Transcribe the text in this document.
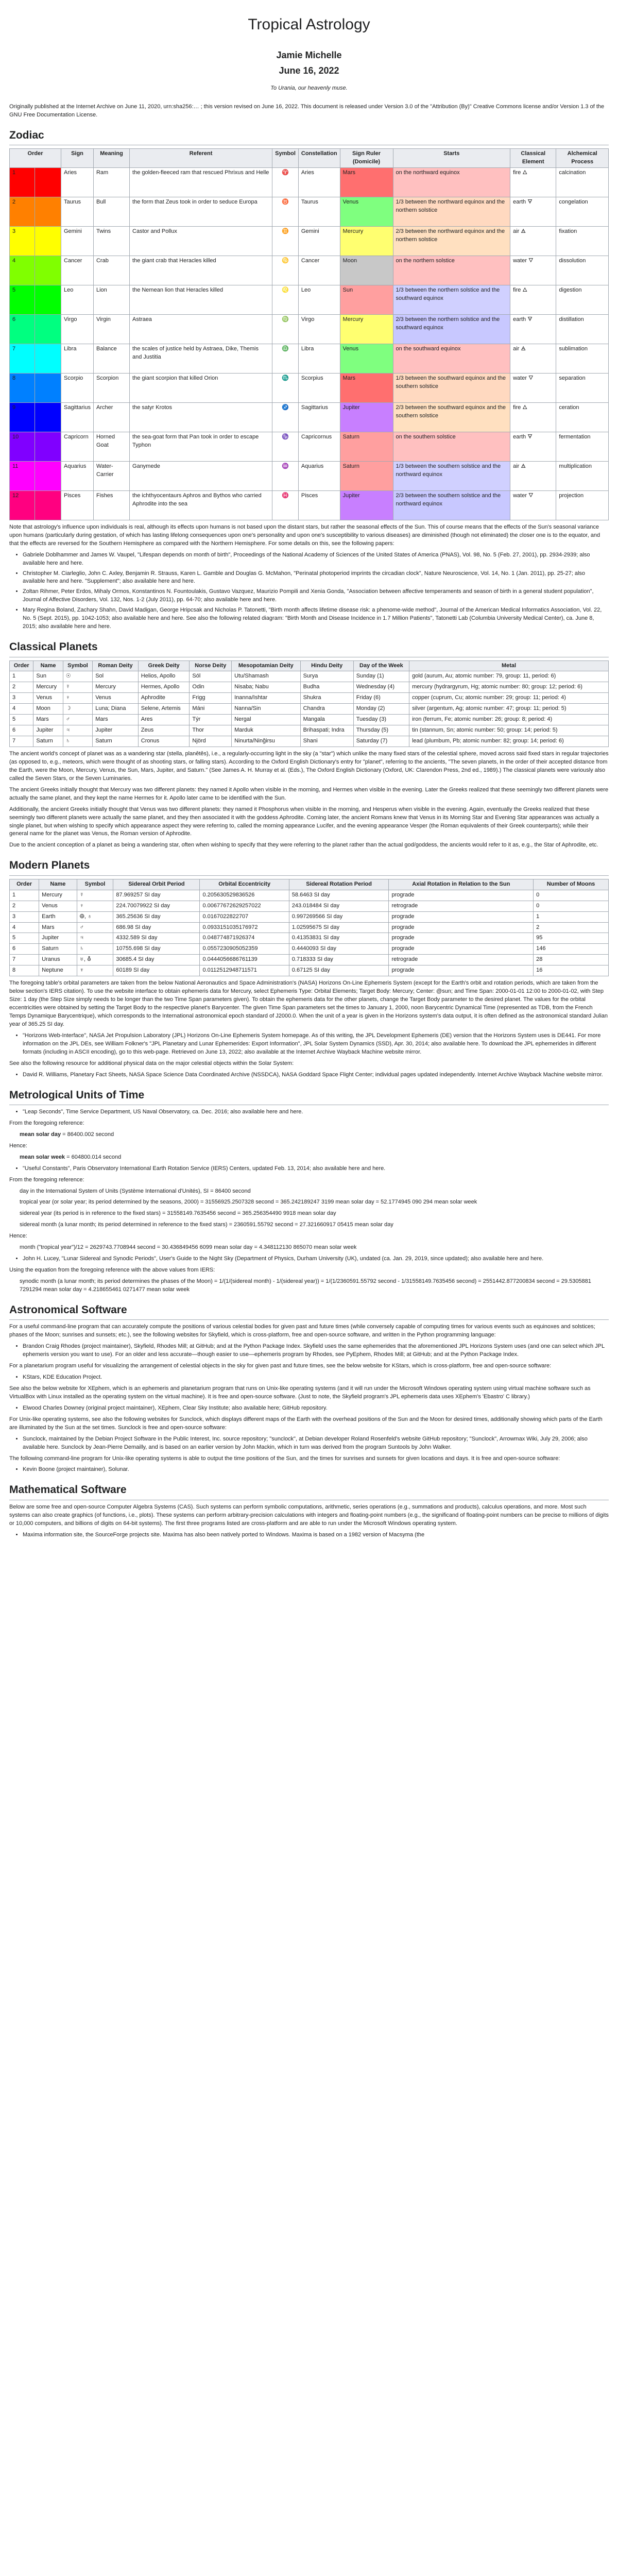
Tropical Astrology
Jamie Michelle
June 16, 2022
To Urania, our heavenly muse.

Originally published at the Internet Archive on June 11, 2020, urn:sha256:… ; this version revised on June 16, 2022. This document is released under Version 3.0 of the "Attribution (By)" Creative Commons license and/or Version 1.3 of the GNU Free Documentation License.

Zodiac
Order		Sign	Meaning	Referent	Symbol	Constellation	Sign Ruler (Domicile)	Starts	Classical Element	Alchemical Process
1		Aries	Ram	the golden-fleeced ram that rescued Phrixus and Helle	♈	Aries	Mars	on the northward equinox	fire 🜂	calcination
2		Taurus	Bull	the form that Zeus took in order to seduce Europa	♉	Taurus	Venus	1/3 between the northward equinox and the northern solstice	earth 🜃	congelation
3		Gemini	Twins	Castor and Pollux	♊	Gemini	Mercury	2/3 between the northward equinox and the northern solstice	air 🜁	fixation
4		Cancer	Crab	the giant crab that Heracles killed	♋	Cancer	Moon	on the northern solstice	water 🜄	dissolution
5		Leo	Lion	the Nemean lion that Heracles killed	♌	Leo	Sun	1/3 between the northern solstice and the southward equinox	fire 🜂	digestion
6		Virgo	Virgin	Astraea	♍	Virgo	Mercury	2/3 between the northern solstice and the southward equinox	earth 🜃	distillation
7		Libra	Balance	the scales of justice held by Astraea, Dike, Themis and Justitia	♎	Libra	Venus	on the southward equinox	air 🜁	sublimation
8		Scorpio	Scorpion	the giant scorpion that killed Orion	♏	Scorpius	Mars	1/3 between the southward equinox and the southern solstice	water 🜄	separation
9		Sagittarius	Archer	the satyr Krotos	♐	Sagittarius	Jupiter	2/3 between the southward equinox and the southern solstice	fire 🜂	ceration
10		Capricorn	Horned Goat	the sea-goat form that Pan took in order to escape Typhon	♑	Capricornus	Saturn	on the southern solstice	earth 🜃	fermentation
11		Aquarius	Water-Carrier	Ganymede	♒	Aquarius	Saturn	1/3 between the southern solstice and the northward equinox	air 🜁	multiplication
12		Pisces	Fishes	the ichthyocentaurs Aphros and Bythos who carried Aphrodite into the sea	♓	Pisces	Jupiter	2/3 between the southern solstice and the northward equinox	water 🜄	projection

Note that astrology's influence upon individuals is real, although its effects upon humans is not based upon the distant stars, but rather the seasonal effects of the Sun. This of course means that the effects of the Sun's seasonal variance upon humans (particularly during gestation, of which has lasting lifelong consequences upon one's personality and upon one's susceptibility to various diseases) are diminished (though not eliminated) the closer one is to the equator, and that the effects are reversed for the Southern Hemisphere as compared with the Northern Hemisphere. For some details on this, see the following papers:

• Gabriele Doblhammer and James W. Vaupel, "Lifespan depends on month of birth", Proceedings of the National Academy of Sciences of the United States of America (PNAS), Vol. 98, No. 5 (Feb. 27, 2001), pp. 2934-2939; also available here and here.
• Christopher M. Ciarleglio, John C. Axley, Benjamin R. Strauss, Karen L. Gamble and Douglas G. McMahon, "Perinatal photoperiod imprints the circadian clock", Nature Neuroscience, Vol. 14, No. 1 (Jan. 2011), pp. 25-27; also available here and here. "Supplement"; also available here and here.
• Zoltan Rihmer, Peter Erdos, Mihaly Ormos, Konstantinos N. Fountoulakis, Gustavo Vazquez, Maurizio Pompili and Xenia Gonda, "Association between affective temperaments and season of birth in a general student population", Journal of Affective Disorders, Vol. 132, Nos. 1-2 (July 2011), pp. 64-70; also available here and here.
• Mary Regina Boland, Zachary Shahn, David Madigan, George Hripcsak and Nicholas P. Tatonetti, "Birth month affects lifetime disease risk: a phenome-wide method", Journal of the American Medical Informatics Association, Vol. 22, No. 5 (Sept. 2015), pp. 1042-1053; also available here and here. See also the following related diagram: "Birth Month and Disease Incidence in 1.7 Million Patients", Tatonetti Lab (Columbia University Medical Center), ca. June 8, 2015; also available here and here.
Classical Planets
Order	Name	Symbol	Roman Deity	Greek Deity	Norse Deity	Mesopotamian Deity	Hindu Deity	Day of the Week	Metal
1	Sun	☉	Sol	Helios, Apollo	Sól	Utu/Shamash	Surya	Sunday (1)	gold (aurum, Au; atomic number: 79, group: 11, period: 6)
2	Mercury	☿	Mercury	Hermes, Apollo	Odin	Nisaba; Nabu	Budha	Wednesday (4)	mercury (hydrargyrum, Hg; atomic number: 80; group: 12; period: 6)
3	Venus	♀	Venus	Aphrodite	Frigg	Inanna/Ishtar	Shukra	Friday (6)	copper (cuprum, Cu; atomic number: 29; group: 11; period: 4)
4	Moon	☽	Luna; Diana	Selene, Artemis	Máni	Nanna/Sin	Chandra	Monday (2)	silver (argentum, Ag; atomic number: 47; group: 11; period: 5)
5	Mars	♂	Mars	Ares	Týr	Nergal	Mangala	Tuesday (3)	iron (ferrum, Fe; atomic number: 26; group: 8; period: 4)
6	Jupiter	♃	Jupiter	Zeus	Thor	Marduk	Brihaspati; Indra	Thursday (5)	tin (stannum, Sn; atomic number: 50; group: 14; period: 5)
7	Saturn	♄	Saturn	Cronus	Njörd	Ninurta/Ninğirsu	Shani	Saturday (7)	lead (plumbum, Pb; atomic number: 82; group: 14; period: 6)

The ancient world's concept of planet was as a wandering star (stella, planêtês), i.e., a regularly-occurring light in the sky (a "star") which unlike the many fixed stars of the celestial sphere, moved across said fixed stars in regular trajectories (as opposed to, e.g., meteors, which were thought of as shooting stars, or falling stars). According to the Oxford English Dictionary's entry for "planet", referring to the ancients, "The seven planets, in the order of their accepted distance from the Earth, were the Moon, Mercury, Venus, the Sun, Mars, Jupiter, and Saturn." (See James A. H. Murray et al. (Eds.), The Oxford English Dictionary (Oxford, UK: Clarendon Press, 2nd ed., 1989).) The classical planets were variously also called the Seven Stars, or the Seven Luminaries.

The ancient Greeks initially thought that Mercury was two different planets: they named it Apollo when visible in the morning, and Hermes when visible in the evening. Later the Greeks realized that these seemingly two different planets were actually the same planet, and they kept the name Hermes for it. Apollo later came to be identified with the Sun.

Additionally, the ancient Greeks initially thought that Venus was two different planets: they named it Phosphorus when visible in the morning, and Hesperus when visible in the evening. Again, eventually the Greeks realized that these seemingly two different planets were actually the same planet, and they then associated it with the goddess Aphrodite. Coming later, the ancient Romans knew that Venus in its Morning Star and Evening Star appearances was actually a single planet, but when wishing to specify which appearance aspect they were referring to, called the morning appearance Lucifer, and the evening appearance Vesper (the Roman equivalents of their Greek counterparts); while their general name for the planet was Venus, the Roman version of Aphrodite.

Due to the ancient conception of a planet as being a wandering star, often when wishing to specify that they were referring to the planet rather than the actual god/goddess, the ancients would refer to it as, e.g., the Star of Aphrodite, etc.

Modern Planets
Order	Name	Symbol	Sidereal Orbit Period	Orbital Eccentricity	Sidereal Rotation Period	Axial Rotation in Relation to the Sun	Number of Moons
1	Mercury	☿	87.969257 SI day	0.205630529836526	58.6463 SI day	prograde	0
2	Venus	♀	224.70079922 SI day	0.00677672629257022	243.018484 SI day	retrograde	0
3	Earth	🜨, ♁	365.25636 SI day	0.0167022822707	0.997269566 SI day	prograde	1
4	Mars	♂	686.98 SI day	0.0933151035176972	1.02595675 SI day	prograde	2
5	Jupiter	♃	4332.589 SI day	0.048774871926374	0.41353831 SI day	prograde	95
6	Saturn	♄	10755.698 SI day	0.0557230905052359	0.4440093 SI day	prograde	146
7	Uranus	♅, ⛢	30685.4 SI day	0.0444056686761139	0.718333 SI day	retrograde	28
8	Neptune	♆	60189 SI day	0.0112512948711571	0.67125 SI day	prograde	16

The foregoing table's orbital parameters are taken from the below National Aeronautics and Space Administration's (NASA) Horizons On-Line Ephemeris System (except for the Earth's orbit and rotation periods, which are taken from the below section's IERS citation). To use the website interface to obtain ephemeris data for Mercury, select Ephemeris Type: Orbital Elements; Target Body: Mercury; Center: @sun; and Time Span: 2000-01-01 12:00 to 2000-01-02, with Step Size: 1 day (the Step Size simply needs to be longer than the two Time Span parameters given). To obtain the ephemeris data for the other planets, change the Target Body parameter to the desired planet. The values for the orbital eccentricities were obtained by setting the Target Body to the respective planet's Barycenter. The given Time Span parameters set the times to January 1, 2000, noon Barycentric Dynamical Time (represented as TDB, from the French Temps Dynamique Barycentrique), which corresponds to the International astronomical epoch standard of J2000.0. When the unit of a year is given in the Horizons system's data output, it is often defined as the astronomical standard Julian year of 365.25 SI day.

• "Horizons Web-Interface", NASA Jet Propulsion Laboratory (JPL) Horizons On-Line Ephemeris System homepage. As of this writing, the JPL Development Ephemeris (DE) version that the Horizons System uses is DE441. For more information on the JPL DEs, see William Folkner's "JPL Planetary and Lunar Ephemerides: Export Information", JPL Solar System Dynamics (SSD), Apr. 30, 2014; also available here. To download the JPL ephemerides in different formats (including in ASCII encoding), go to this web-page. Retrieved on June 13, 2022; also available at the Internet Archive Wayback Machine website mirror.

See also the following resource for additional physical data on the major celestial objects within the Solar System:

• David R. Williams, Planetary Fact Sheets, NASA Space Science Data Coordinated Archive (NSSDCA), NASA Goddard Space Flight Center; individual pages updated independently. Internet Archive Wayback Machine website mirror.
Metrological Units of Time
• "Leap Seconds", Time Service Department, US Naval Observatory, ca. Dec. 2016; also available here and here.

From the foregoing reference:

mean solar day = 86400.002 second

Hence:

mean solar week = 604800.014 second

• "Useful Constants", Paris Observatory International Earth Rotation Service (IERS) Centers, updated Feb. 13, 2014; also available here and here.

From the foregoing reference:

day in the International System of Units (Système International d'Unités), SI = 86400 second

tropical year (or solar year; its period determined by the seasons, 2000) = 31556925.2507328 second = 365.242189247 3199 mean solar day = 52.1774945 090 294 mean solar week

sidereal year (its period is in reference to the fixed stars) = 31558149.7635456 second = 365.256354490 9918 mean solar day

sidereal month (a lunar month; its period determined in reference to the fixed stars) = 2360591.55792 second = 27.321660917 05415 mean solar day

Hence:

month ("tropical year")/12 = 2629743.7708944 second = 30.436849456 6099 mean solar day = 4.348112130 865070 mean solar week

• John H. Lucey, "Lunar Sidereal and Synodic Periods", User's Guide to the Night Sky (Department of Physics, Durham University (UK), undated (ca. Jan. 29, 2019, since updated); also available here and here.

Using the equation from the foregoing reference with the above values from IERS:

synodic month (a lunar month; its period determines the phases of the Moon) = 1/(1/(sidereal month) - 1/(sidereal year)) = 1/(1/2360591.55792 second - 1/31558149.7635456 second) = 2551442.877200834 second = 29.5305881 7291294 mean solar day = 4.218655461 0271477 mean solar week

Astronomical Software

For a useful command-line program that can accurately compute the positions of various celestial bodies for given past and future times (while conversely capable of computing times for various events such as equinoxes and solstices; phases of the Moon; sunrises and sunsets; etc.), see the following websites for Skyfield, which is cross-platform, free and open-source software, and written in the Python programming language:

• Brandon Craig Rhodes (project maintainer), Skyfield, Rhodes Mill; at GitHub; and at the Python Package Index. Skyfield uses the same ephemerides that the aforementioned JPL Horizons System uses (and one can select which JPL ephemeris version you want to use). For an older and less accurate—though easier to use—ephemeris program by Rhodes, see PyEphem, Rhodes Mill; at GitHub; and at the Python Package Index.

For a planetarium program useful for visualizing the arrangement of celestial objects in the sky for given past and future times, see the below website for KStars, which is cross-platform, free and open-source software:

• KStars, KDE Education Project.

See also the below website for XEphem, which is an ephemeris and planetarium program that runs on Unix-like operating systems (and it will run under the Microsoft Windows operating system using virtual machine software such as VirtualBox with Linux installed as the operating system on the virtual machine). It is free and open-source software. (Just to note, the Skyfield program's JPL ephemeris data uses XEphem's 'Ebastro' C library.)

• Elwood Charles Downey (original project maintainer), XEphem, Clear Sky Institute; also available here; GitHub repository.

For Unix-like operating systems, see also the following websites for Sunclock, which displays different maps of the Earth with the overhead positions of the Sun and the Moon for desired times, additionally showing which parts of the Earth are illuminated by the Sun at the set times. Sunclock is free and open-source software:

• Sunclock, maintained by the Debian Project Software in the Public Interest, Inc. source repository; "sunclock", at Debian developer Roland Rosenfeld's website GitHub repository; "Sunclock", Arrowmax Wiki, July 29, 2006; also available here. Sunclock by Jean-Pierre Demailly, and is based on an earlier version by John Mackin, which in turn was derived from the program Suntools by John Walker.

The following command-line program for Unix-like operating systems is able to output the time positions of the Sun, and the times for sunrises and sunsets for given locations and days. It is free and open-source software:

• Kevin Boone (project maintainer), Solunar.
Mathematical Software

Below are some free and open-source Computer Algebra Systems (CAS). Such systems can perform symbolic computations, arithmetic, series operations (e.g., summations and products), calculus operations, and more. Most such systems can also create graphics (of functions, i.e., plots). These systems can perform arbitrary-precision calculations with integers and floating-point numbers (e.g., the significand of floating-point numbers can be precise to millions of digits or 10,000 computers, and billions of digits on 64-bit systems). The first three programs listed are cross-platform and are able to run under the Microsoft Windows operating system.

• Maxima information site, the SourceForge projects site. Maxima has also been natively ported to Windows. Maxima is based on a 1982 version of Macsyma (the
